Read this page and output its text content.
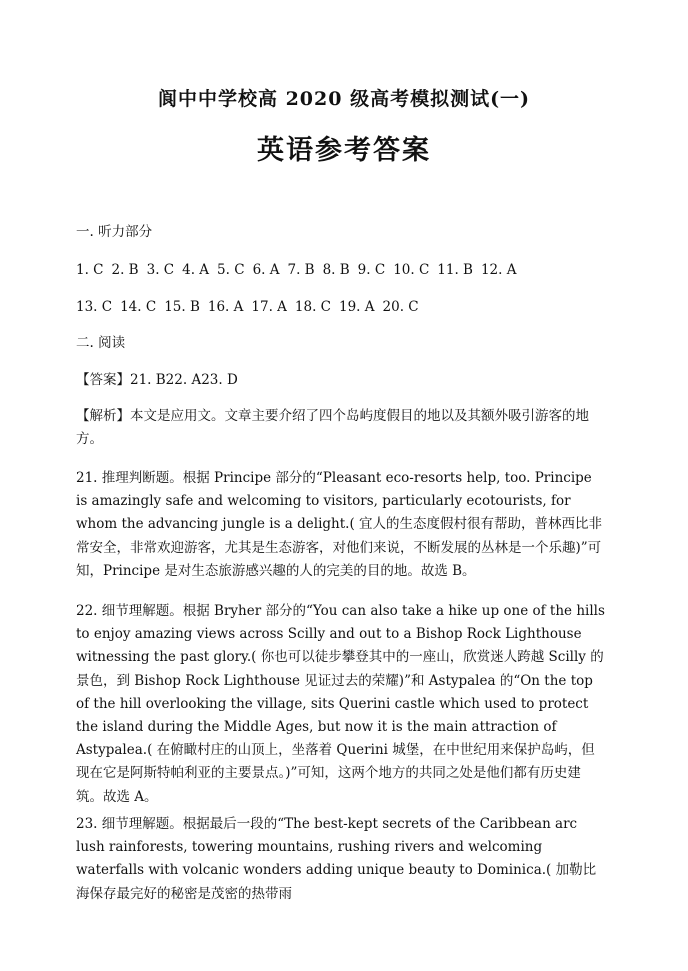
阆中中学校高 2020 级高考模拟测试(一)
英语参考答案
一. 听力部分
1. C 2. B 3. C 4. A 5. C 6. A 7. B 8. B 9. C 10. C 11. B 12. A
13. C 14. C 15. B 16. A 17. A 18. C 19. A 20. C
二. 阅读
【答案】21. B22. A23. D

【解析】本文是应用文。文章主要介绍了四个岛屿度假目的地以及其额外吸引游客的地方。

21. 推理判断题。根据 Principe 部分的“Pleasant eco-resorts help, too. Principe is amazingly safe and welcoming to visitors, particularly ecotourists, for whom the advancing jungle is a delight.( 宜人的生态度假村很有帮助，普林西比非常安全，非常欢迎游客，尤其是生态游客，对他们来说，不断发展的丛林是一个乐趣)”可知，Principe 是对生态旅游感兴趣的人的完美的目的地。故选 B。

22. 细节理解题。根据 Bryher 部分的“You can also take a hike up one of the hills to enjoy amazing views across Scilly and out to a Bishop Rock Lighthouse witnessing the past glory.( 你也可以徒步攀登其中的一座山，欣赏迷人跨越 Scilly 的景色，到 Bishop Rock Lighthouse 见证过去的荣耀)”和 Astypalea 的“On the top of the hill overlooking the village, sits Querini castle which used to protect the island during the Middle Ages, but now it is the main attraction of Astypalea.( 在俯瞰村庄的山顶上，坐落着 Querini 城堡，在中世纪用来保护岛屿，但现在它是阿斯特帕利亚的主要景点。)”可知，这两个地方的共同之处是他们都有历史建筑。故选 A。

23. 细节理解题。根据最后一段的“The best-kept secrets of the Caribbean arc lush rainforests, towering mountains, rushing rivers and welcoming waterfalls with volcanic wonders adding unique beauty to Dominica.( 加勒比海保存最完好的秘密是茂密的热带雨
